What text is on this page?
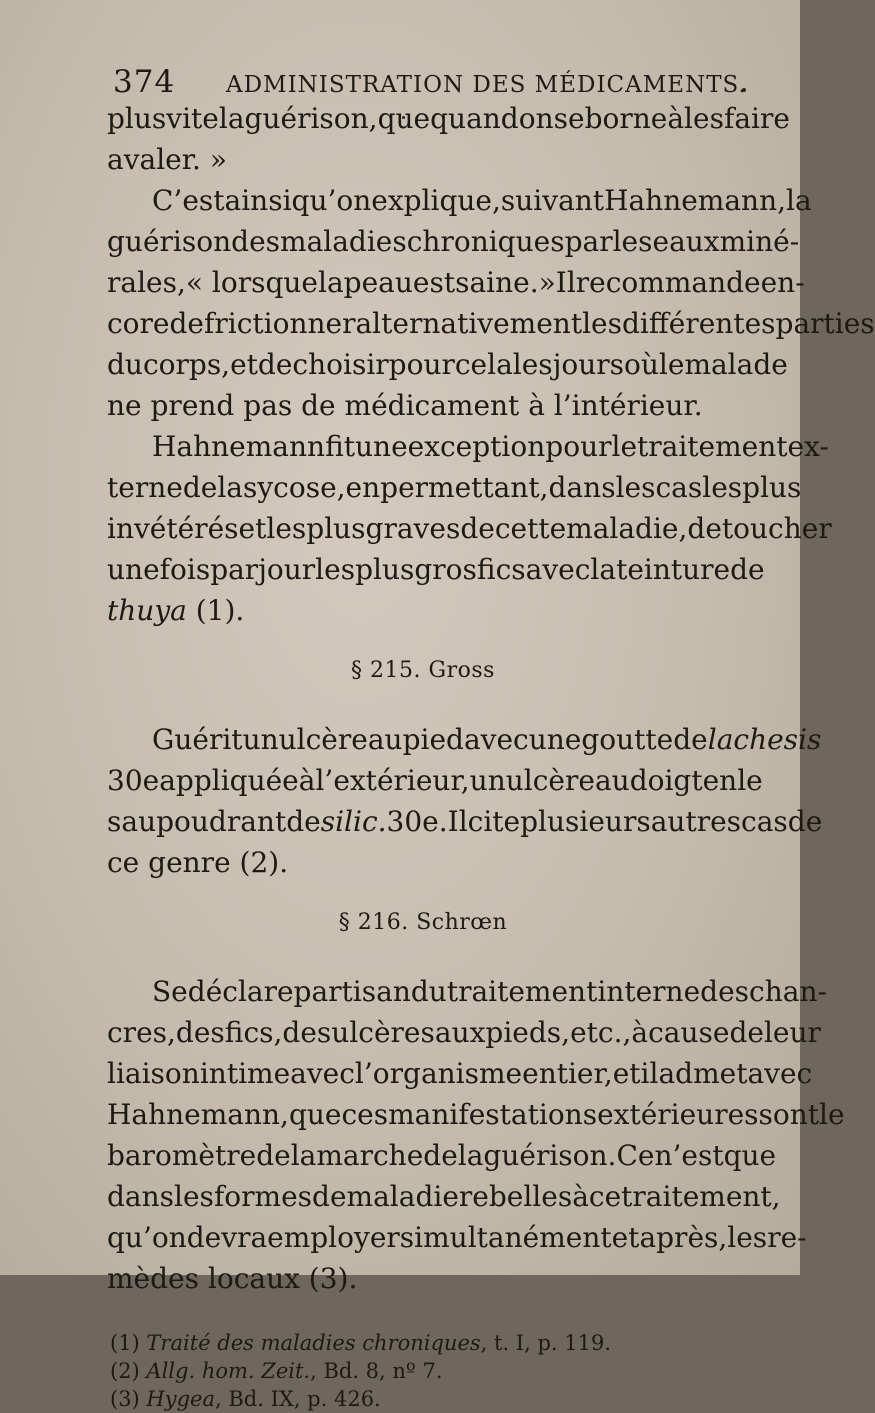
374 ADMINISTRATION DES MÉDICAMENTS.
plus vite la guérison, que quand on se borne à les faire
avaler. »
C’est ainsi qu’on explique, suivant Hahnemann, la
guérison des maladies chroniques par les eaux miné-
rales, « lorsque la peau est saine. » Il recommande en-
core de frictionner alternativement les différentes parties
du corps, et de choisir pour cela les jours où le malade
ne prend pas de médicament à l’intérieur.
Hahnemann fit une exception pour le traitement ex-
terne de la sycose, en permettant, dans les cas les plus
invétérés et les plus graves de cette maladie, de toucher
une fois par jour les plus gros fics avec la teinture de
thuya (1).
§ 215. Gross
Guérit un ulcère au pied avec une goutte de lachesis
30e appliquée à l’extérieur, un ulcère au doigt en le
saupoudrant de silic. 30e. Il cite plusieurs autres cas de
ce genre (2).
§ 216. Schrœn
Se déclare partisan du traitement interne des chan-
cres, des fics, des ulcères aux pieds, etc., à cause de leur
liaison intime avec l’organisme entier, et il admet avec
Hahnemann, que ces manifestations extérieures sont le
baromètre de la marche de la guérison. Ce n’est que
dans les formes de maladie rebelles à ce traitement,
qu’on devra employer simultanément et après, les re-
mèdes locaux (3).
(1) Traité des maladies chroniques, t. I, p. 119.
(2) Allg. hom. Zeit., Bd. 8, nº 7.
(3) Hygea, Bd. IX, p. 426.
